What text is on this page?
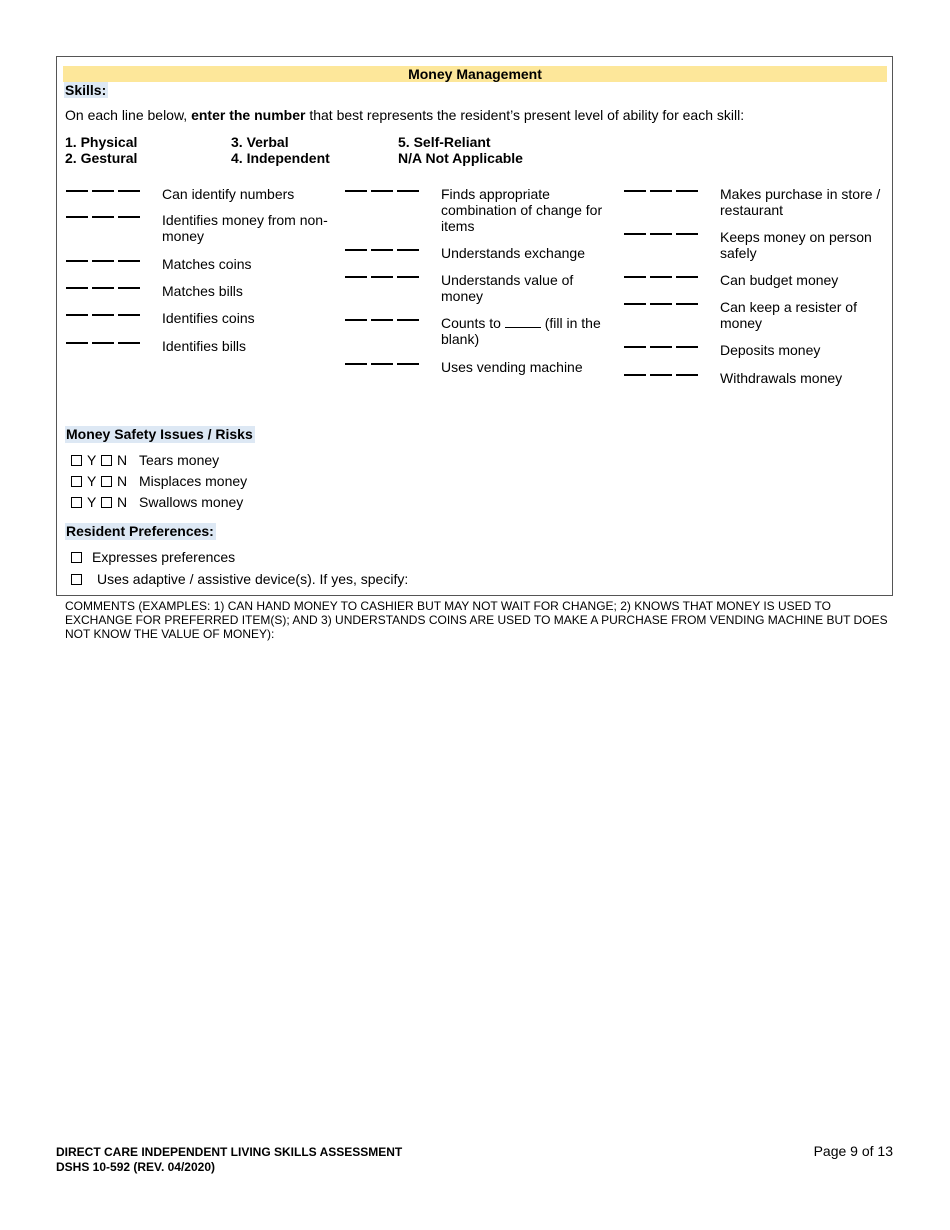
Money Management
Skills:
On each line below, enter the number that best represents the resident’s present level of ability for each skill:
1. Physical
2. Gestural
3. Verbal
4. Independent
5. Self-Reliant
N/A Not Applicable
Can identify numbers
Identifies money from non-money
Matches coins
Matches bills
Identifies coins
Identifies bills
Finds appropriate combination of change for items
Understands exchange
Understands value of money
Counts to	(fill in the blank)
Uses vending machine
Makes purchase in store / restaurant
Keeps money on person safely
Can budget money
Can keep a resister of money
Deposits money
Withdrawals money
Money Safety Issues / Risks
Y	N Tears money
Y	N Misplaces money
Y	N Swallows money
Resident Preferences:
Expresses preferences
Uses adaptive / assistive device(s). If yes, specify:
COMMENTS (EXAMPLES: 1) CAN HAND MONEY TO CASHIER BUT MAY NOT WAIT FOR CHANGE; 2) KNOWS THAT MONEY IS USED TO EXCHANGE FOR PREFERRED ITEM(S); AND 3) UNDERSTANDS COINS ARE USED TO MAKE A PURCHASE FROM VENDING MACHINE BUT DOES NOT KNOW THE VALUE OF MONEY):
DIRECT CARE INDEPENDENT LIVING SKILLS ASSESSMENT
DSHS 10-592 (REV. 04/2020)
Page 9 of 13
